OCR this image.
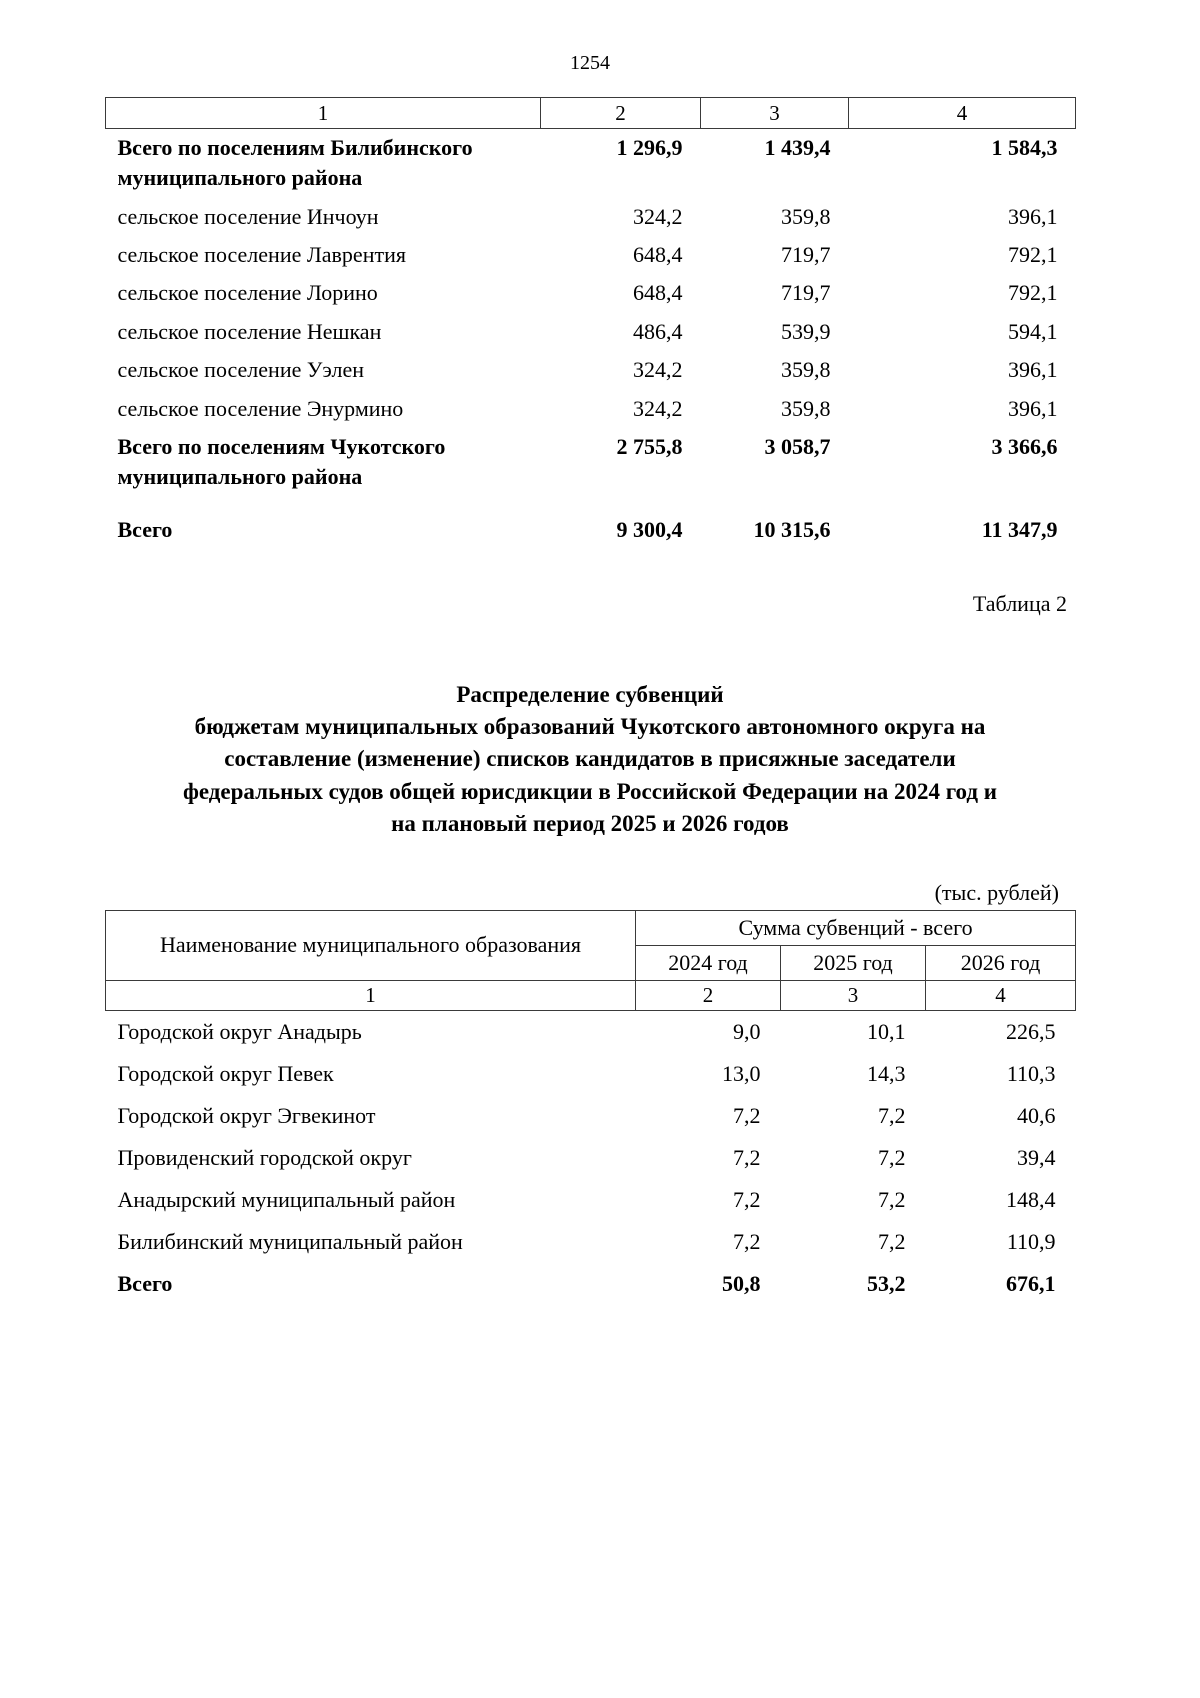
1254
1	2	3	4
Всего по поселениям Билибинского муниципального района	1 296,9	1 439,4	1 584,3
сельское поселение Инчоун	324,2	359,8	396,1
сельское поселение Лаврентия	648,4	719,7	792,1
сельское поселение Лорино	648,4	719,7	792,1
сельское поселение Нешкан	486,4	539,9	594,1
сельское поселение Уэлен	324,2	359,8	396,1
сельское поселение Энурмино	324,2	359,8	396,1
Всего по поселениям Чукотского муниципального района	2 755,8	3 058,7	3 366,6
Всего	9 300,4	10 315,6	11 347,9
Таблица 2
Распределение субвенций
бюджетам муниципальных образований Чукотского автономного округа на
составление (изменение) списков кандидатов в присяжные заседатели
федеральных судов общей юрисдикции в Российской Федерации на 2024 год и
на плановый период 2025 и 2026 годов
(тыс. рублей)
Наименование муниципального образования	Сумма субвенций - всего		
	2024 год	2025 год	2026 год
1	2	3	4
Городской округ Анадырь	9,0	10,1	226,5
Городской округ Певек	13,0	14,3	110,3
Городской округ Эгвекинот	7,2	7,2	40,6
Провиденский городской округ	7,2	7,2	39,4
Анадырский муниципальный район	7,2	7,2	148,4
Билибинский муниципальный район	7,2	7,2	110,9
Всего	50,8	53,2	676,1
